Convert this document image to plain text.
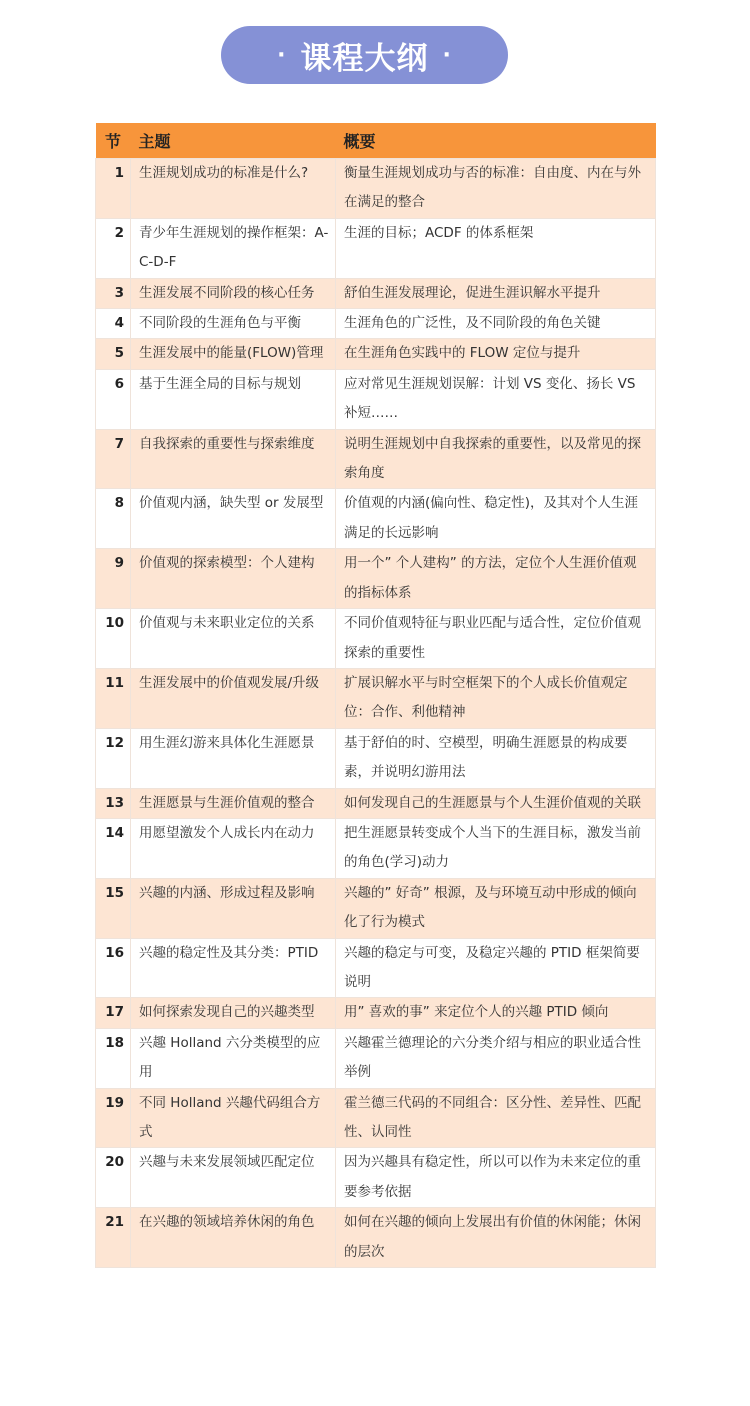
· 课程大纲 ·
节	主题	概要
1	生涯规划成功的标准是什么?	衡量生涯规划成功与否的标准：自由度、内在与外在满足的整合
2	青少年生涯规划的操作框架：A-C-D-F	生涯的目标；ACDF 的体系框架
3	生涯发展不同阶段的核心任务	舒伯生涯发展理论，促进生涯识解水平提升
4	不同阶段的生涯角色与平衡	生涯角色的广泛性，及不同阶段的角色关键
5	生涯发展中的能量(FLOW)管理	在生涯角色实践中的 FLOW 定位与提升
6	基于生涯全局的目标与规划	应对常见生涯规划误解：计划 VS 变化、扬长 VS 补短……
7	自我探索的重要性与探索维度	说明生涯规划中自我探索的重要性，以及常见的探索角度
8	价值观内涵，缺失型 or 发展型	价值观的内涵(偏向性、稳定性)，及其对个人生涯满足的长远影响
9	价值观的探索模型：个人建构	用一个” 个人建构” 的方法，定位个人生涯价值观的指标体系
10	价值观与未来职业定位的关系	不同价值观特征与职业匹配与适合性，定位价值观探索的重要性
11	生涯发展中的价值观发展/升级	扩展识解水平与时空框架下的个人成长价值观定位：合作、利他精神
12	用生涯幻游来具体化生涯愿景	基于舒伯的时、空模型，明确生涯愿景的构成要素，并说明幻游用法
13	生涯愿景与生涯价值观的整合	如何发现自己的生涯愿景与个人生涯价值观的关联
14	用愿望激发个人成长内在动力	把生涯愿景转变成个人当下的生涯目标，激发当前的角色(学习)动力
15	兴趣的内涵、形成过程及影响	兴趣的” 好奇” 根源，及与环境互动中形成的倾向化了行为模式
16	兴趣的稳定性及其分类：PTID	兴趣的稳定与可变，及稳定兴趣的 PTID 框架简要说明
17	如何探索发现自己的兴趣类型	用” 喜欢的事” 来定位个人的兴趣 PTID 倾向
18	兴趣 Holland 六分类模型的应用	兴趣霍兰德理论的六分类介绍与相应的职业适合性举例
19	不同 Holland 兴趣代码组合方式	霍兰德三代码的不同组合：区分性、差异性、匹配性、认同性
20	兴趣与未来发展领域匹配定位	因为兴趣具有稳定性，所以可以作为未来定位的重要参考依据
21	在兴趣的领域培养休闲的角色	如何在兴趣的倾向上发展出有价值的休闲能；休闲的层次
